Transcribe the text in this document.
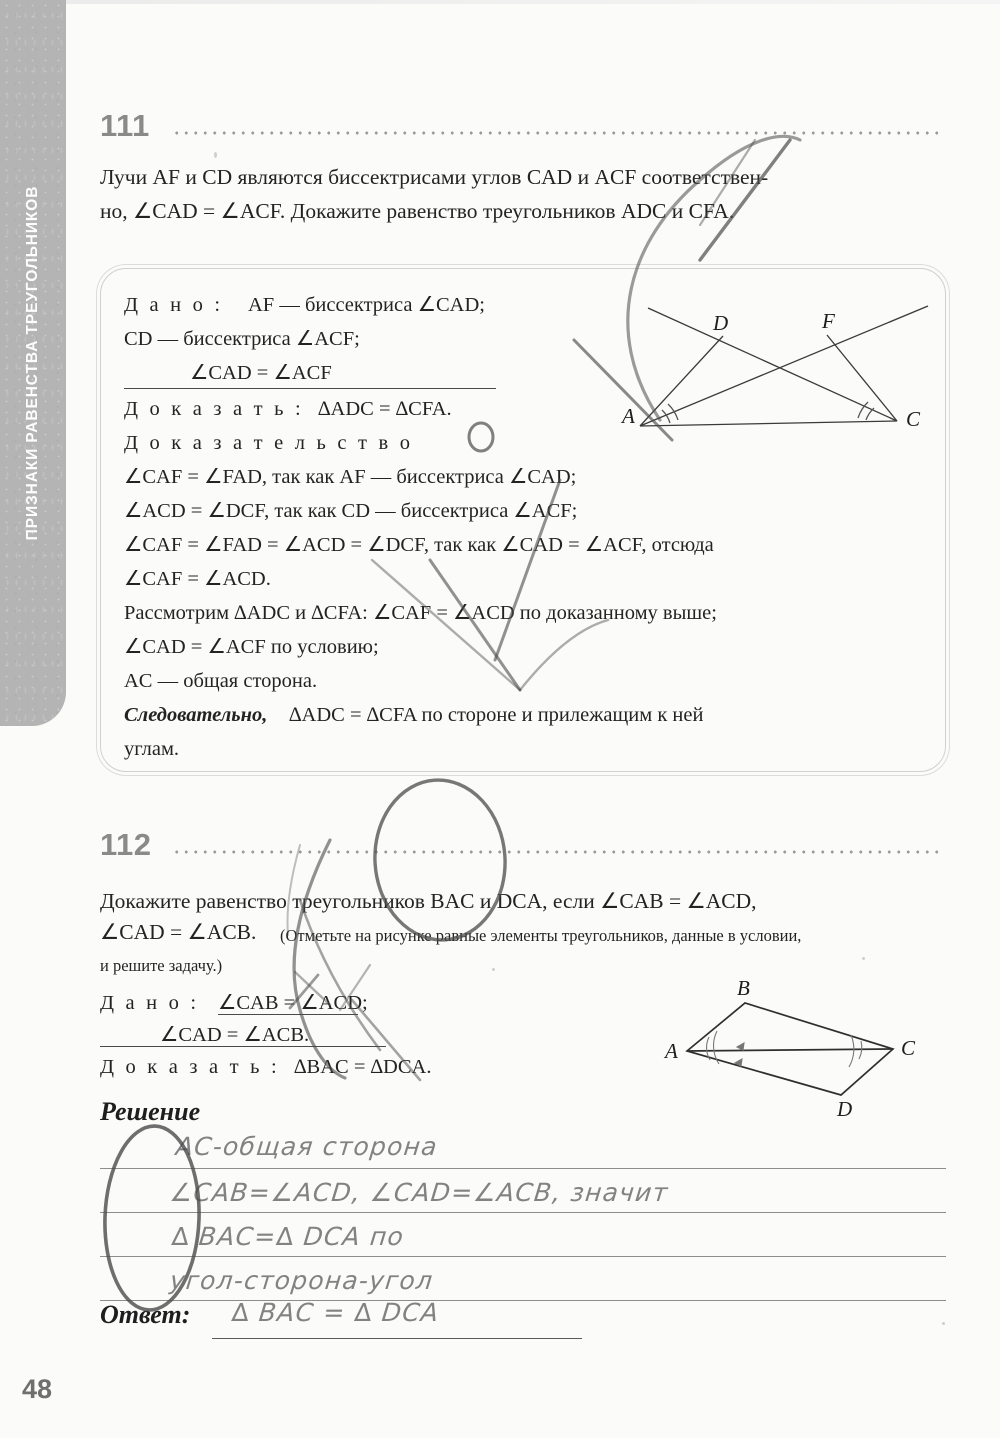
ПРИЗНАКИ РАВЕНСТВА ТРЕУГОЛЬНИКОВ
111
Лучи AF и CD являются биссектрисами углов CAD и ACF соответствен-
но, ∠CAD = ∠ACF. Докажите равенство треугольников ADC и CFA.
Д а н о : AF — биссектриса ∠CAD;
CD — биссектриса ∠ACF;
∠CAD = ∠ACF
Д о к а з а т ь : ∆ADC = ∆CFA.
Д о к а з а т е л ь с т в о
∠CAF = ∠FAD, так как AF — биссектриса ∠CAD;
∠ACD = ∠DCF, так как CD — биссектриса ∠ACF;
∠CAF = ∠FAD = ∠ACD = ∠DCF, так как ∠CAD = ∠ACF, отсюда
∠CAF = ∠ACD.
Рассмотрим ∆ADC и ∆CFA: ∠CAF = ∠ACD по доказанному выше;
∠CAD = ∠ACF по условию;
AC — общая сторона.
Следовательно, ∆ADC = ∆CFA по стороне и прилежащим к ней
углам.
A
D	F
C
112
Докажите равенство треугольников BAC и DCA, если ∠CAB = ∠ACD,
∠CAD = ∠ACB. (Отметьте на рисунке равные элементы треугольников, данные в условии,
и решите задачу.)
Д а н о : ∠CAB = ∠ACD;
∠CAD = ∠ACB.
Д о к а з а т ь : ∆BAC = ∆DCA.
B
A	C
D
Решение
AC-общая сторона
∠CAB=∠ACD, ∠CAD=∠ACB, значит
∆ BAC=∆ DCA по
угол-сторона-угол
Ответ: ∆ BAC = ∆ DCA
48
